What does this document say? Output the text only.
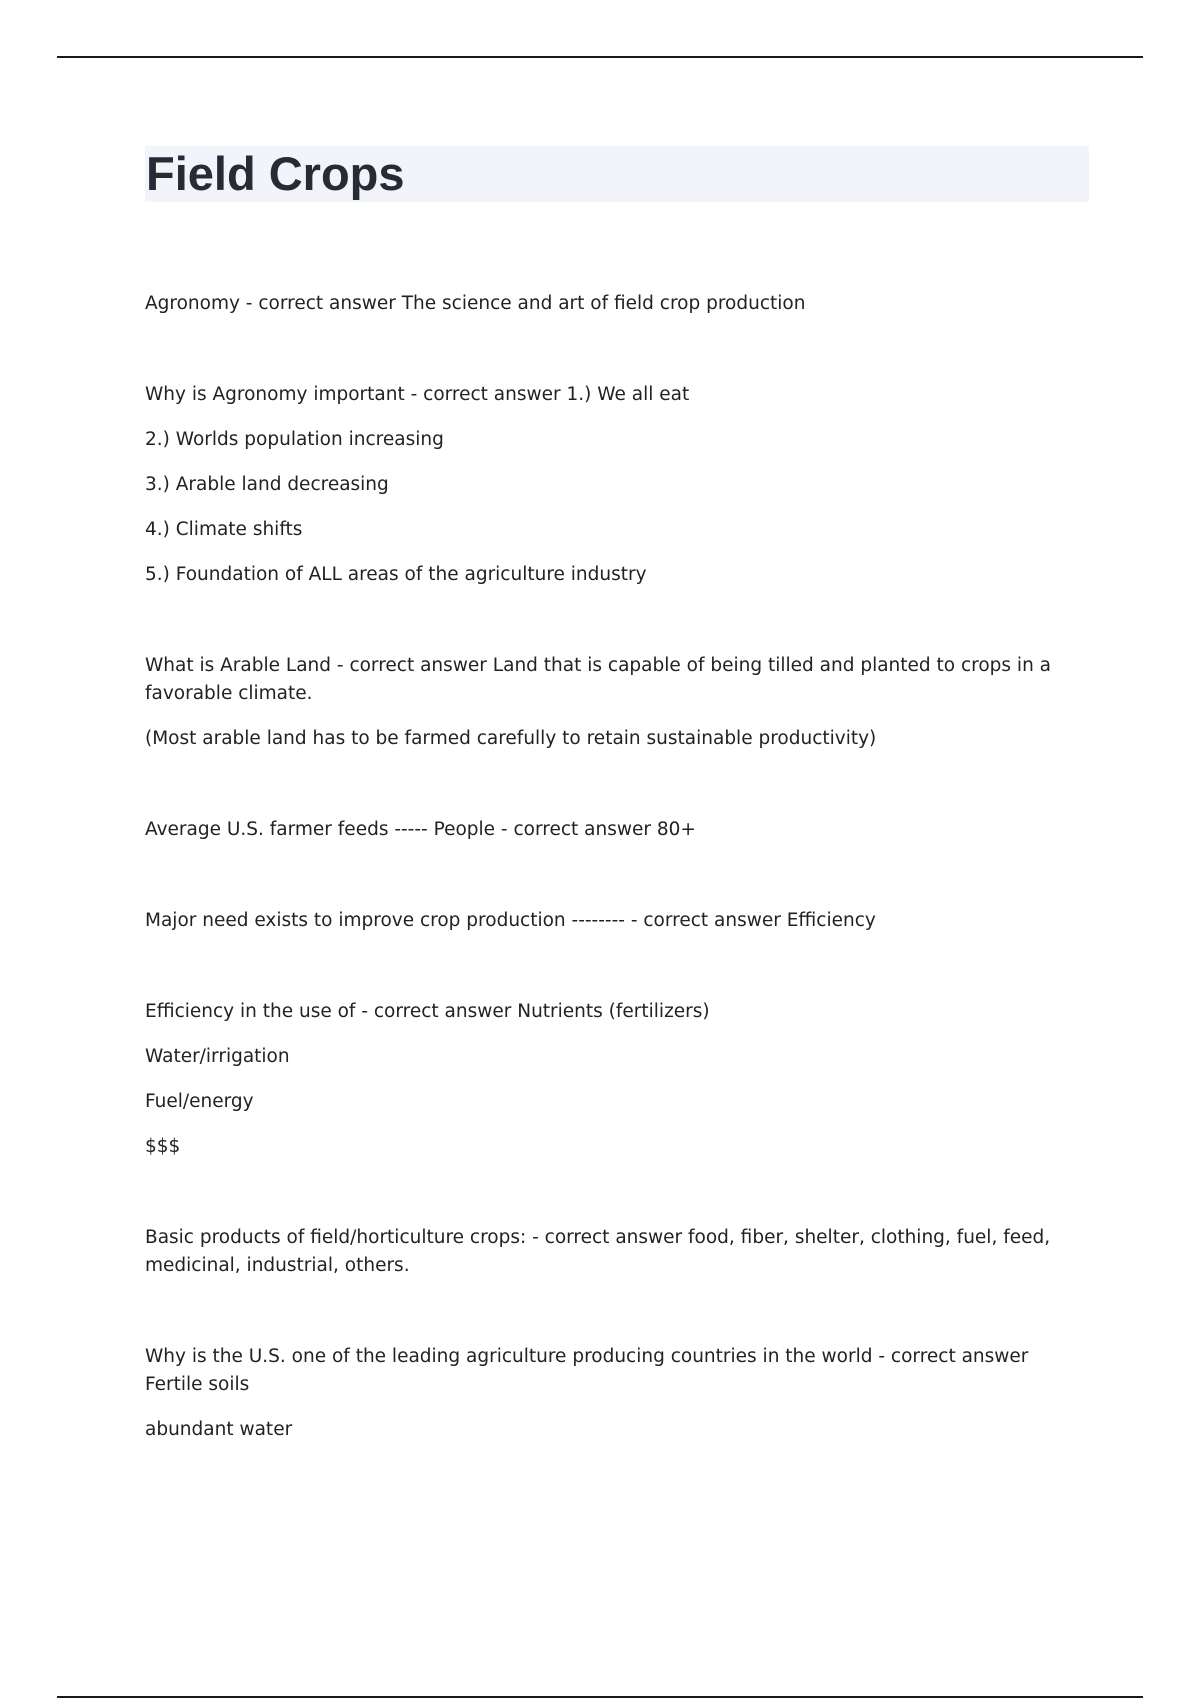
Field Crops

Agronomy - correct answer The science and art of field crop production

Why is Agronomy important - correct answer 1.) We all eat

2.) Worlds population increasing

3.) Arable land decreasing

4.) Climate shifts

5.) Foundation of ALL areas of the agriculture industry

What is Arable Land - correct answer Land that is capable of being tilled and planted to crops in a favorable climate.

(Most arable land has to be farmed carefully to retain sustainable productivity)

Average U.S. farmer feeds ----- People - correct answer 80+

Major need exists to improve crop production -------- - correct answer Efficiency

Efficiency in the use of - correct answer Nutrients (fertilizers)

Water/irrigation

Fuel/energy

$$$

Basic products of field/horticulture crops: - correct answer food, fiber, shelter, clothing, fuel, feed, medicinal, industrial, others.

Why is the U.S. one of the leading agriculture producing countries in the world - correct answer Fertile soils

abundant water
